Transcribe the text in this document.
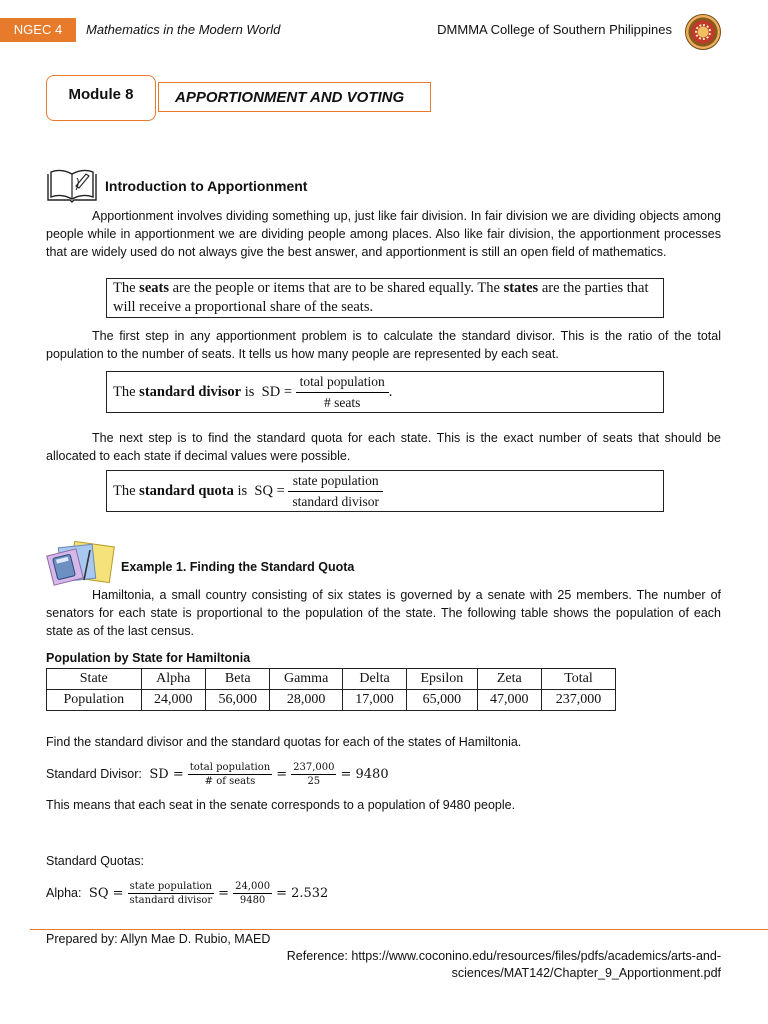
NGEC 4	Mathematics in the Modern World	DMMMA College of Southern Philippines
Module 8	APPORTIONMENT AND VOTING
Introduction to Apportionment
Apportionment involves dividing something up, just like fair division. In fair division we are dividing objects among people while in apportionment we are dividing people among places. Also like fair division, the apportionment processes that are widely used do not always give the best answer, and apportionment is still an open field of mathematics.
The seats are the people or items that are to be shared equally. The states are the parties that will receive a proportional share of the seats.
The first step in any apportionment problem is to calculate the standard divisor. This is the ratio of the total population to the number of seats. It tells us how many people are represented by each seat.
The standard divisor is  SD = $\frac{\text{total population}}{\text{\# seats}}$ .
The next step is to find the standard quota for each state. This is the exact number of seats that should be allocated to each state if decimal values were possible.
The standard quota is  SQ = $\frac{\text{state population}}{\text{standard divisor}}$
Example 1. Finding the Standard Quota
Hamiltonia, a small country consisting of six states is governed by a senate with 25 members. The number of senators for each state is proportional to the population of the state. The following table shows the population of each state as of the last census.
Population by State for Hamiltonia
State	Alpha	Beta	Gamma	Delta	Epsilon	Zeta	Total
Population	24,000	56,000	28,000	17,000	65,000	47,000	237,000
Find the standard divisor and the standard quotas for each of the states of Hamiltonia.
Standard Divisor: SD = $\frac{\text{total population}}{\text{\# of seats}} = \frac{237,000}{25} = 9480$
This means that each seat in the senate corresponds to a population of 9480 people.
Standard Quotas:
Alpha: SQ = $\frac{\text{state population}}{\text{standard divisor}} = \frac{24,000}{9480} = 2.532$
Prepared by: Allyn Mae D. Rubio, MAED
Reference: https://www.coconino.edu/resources/files/pdfs/academics/arts-and-
sciences/MAT142/Chapter_9_Apportionment.pdf
